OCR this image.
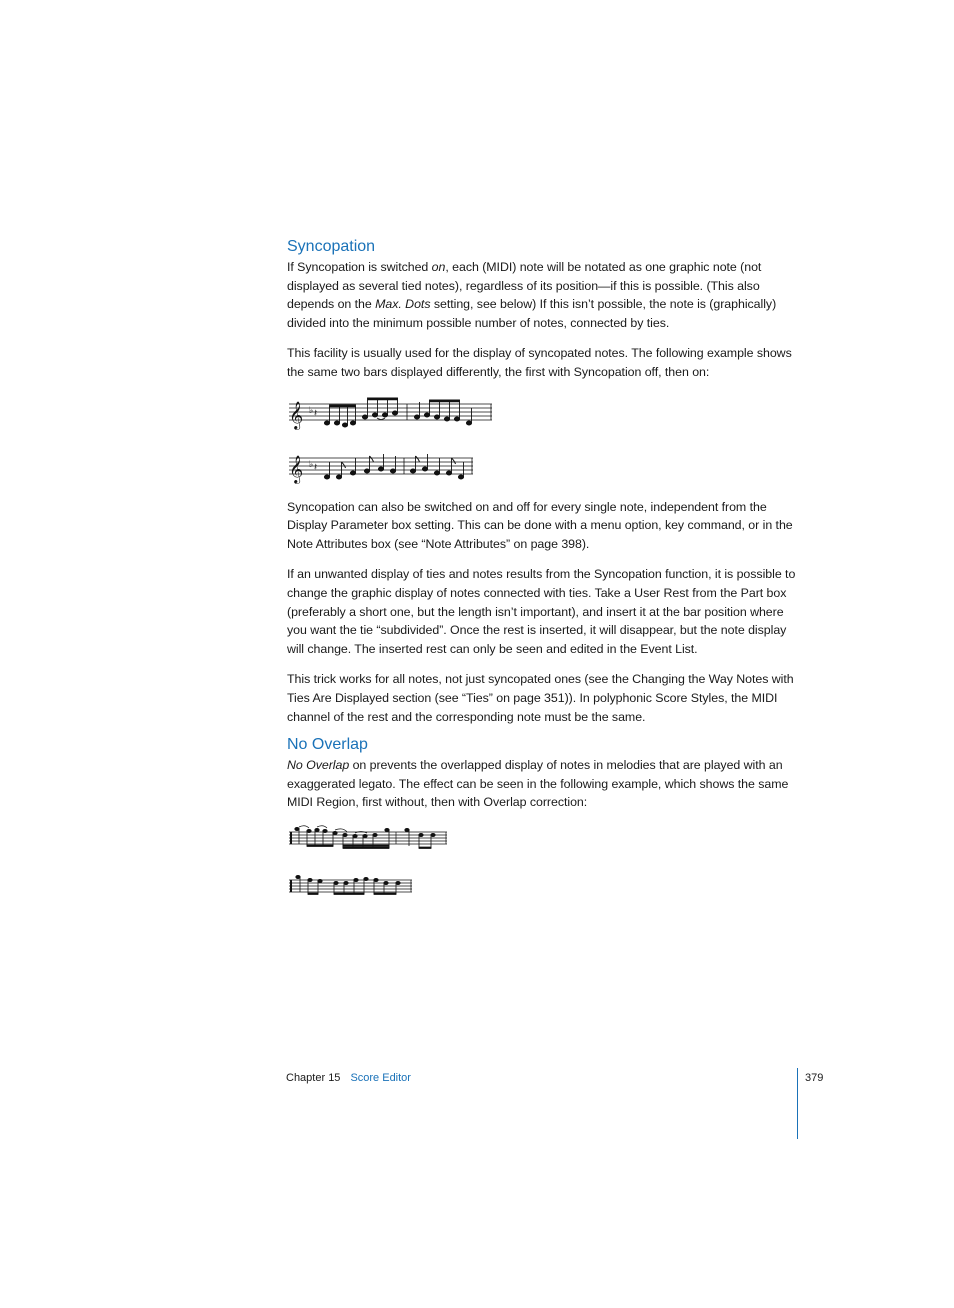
Syncopation

If Syncopation is switched on, each (MIDI) note will be notated as one graphic note (not displayed as several tied notes), regardless of its position—if this is possible. (This also depends on the Max. Dots setting, see below) If this isn’t possible, the note is (graphically) divided into the minimum possible number of notes, connected by ties.

This facility is usually used for the display of syncopated notes. The following example shows the same two bars displayed differently, the first with Syncopation off, then on:

𝄞 ♭ 𝄽
𝄞 ♭ 𝄽

Syncopation can also be switched on and off for every single note, independent from the Display Parameter box setting. This can be done with a menu option, key command, or in the Note Attributes box (see “Note Attributes” on page 398).

If an unwanted display of ties and notes results from the Syncopation function, it is possible to change the graphic display of notes connected with ties. Take a User Rest from the Part box (preferably a short one, but the length isn’t important), and insert it at the bar position where you want the tie “subdivided”. Once the rest is inserted, it will disappear, but the note display will change. The inserted rest can only be seen and edited in the Event List.

This trick works for all notes, not just syncopated ones (see the Changing the Way Notes with Ties Are Displayed section (see “Ties” on page 351)). In polyphonic Score Styles, the MIDI channel of the rest and the corresponding note must be the same.

No Overlap

No Overlap on prevents the overlapped display of notes in melodies that are played with an exaggerated legato. The effect can be seen in the following example, which shows the same MIDI Region, first without, then with Overlap correction:

Chapter 15 Score Editor	379
